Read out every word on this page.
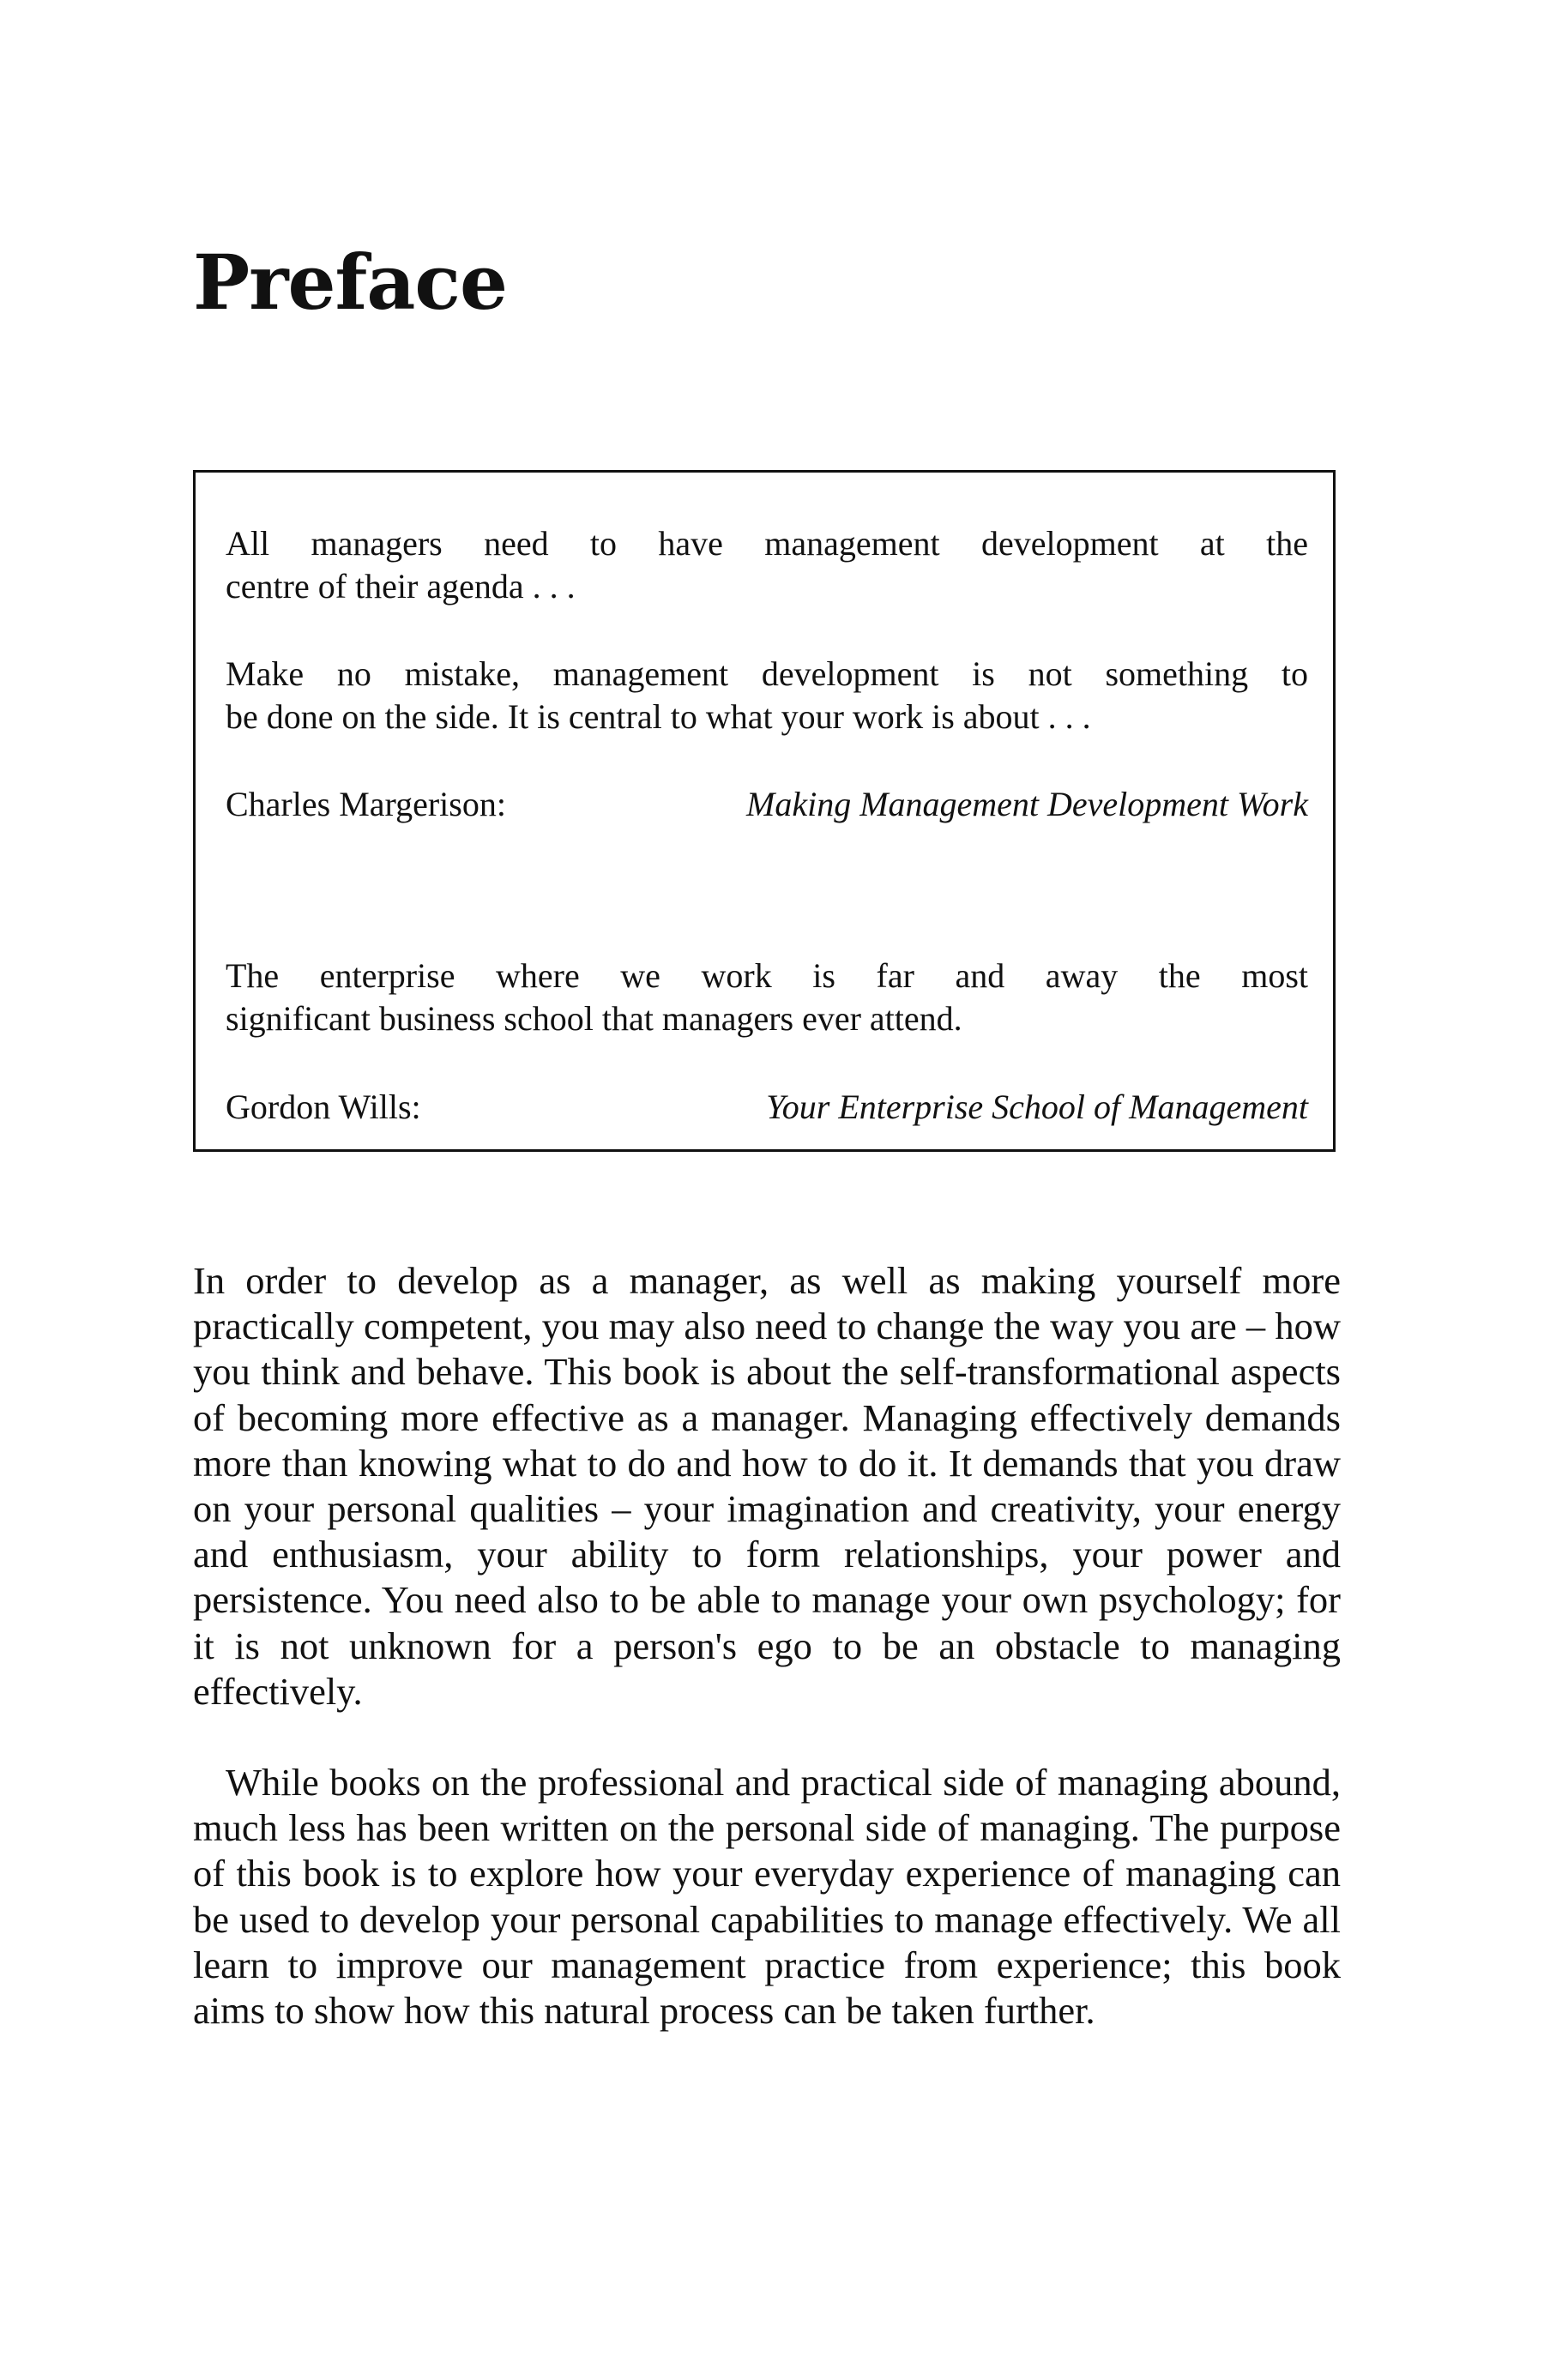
Preface
All managers need to have management development at the
centre of their agenda . . .
Make no mistake, management development is not something to
be done on the side. It is central to what your work is about . . .
Charles Margerison:	Making Management Development Work
The enterprise where we work is far and away the most
significant business school that managers ever attend.
Gordon Wills:	Your Enterprise School of Management

In order to develop as a manager, as well as making yourself more practically competent, you may also need to change the way you are – how you think and behave. This book is about the self-transformational aspects of becoming more effective as a manager. Managing effectively demands more than knowing what to do and how to do it. It demands that you draw on your personal qualities – your imagination and creativity, your energy and enthusiasm, your ability to form relationships, your power and persistence. You need also to be able to manage your own psychology; for it is not unknown for a person's ego to be an obstacle to managing effectively.

While books on the professional and practical side of managing abound, much less has been written on the personal side of managing. The purpose of this book is to explore how your everyday experience of managing can be used to develop your personal capabilities to manage effectively. We all learn to improve our management practice from experience; this book aims to show how this natural process can be taken further.
